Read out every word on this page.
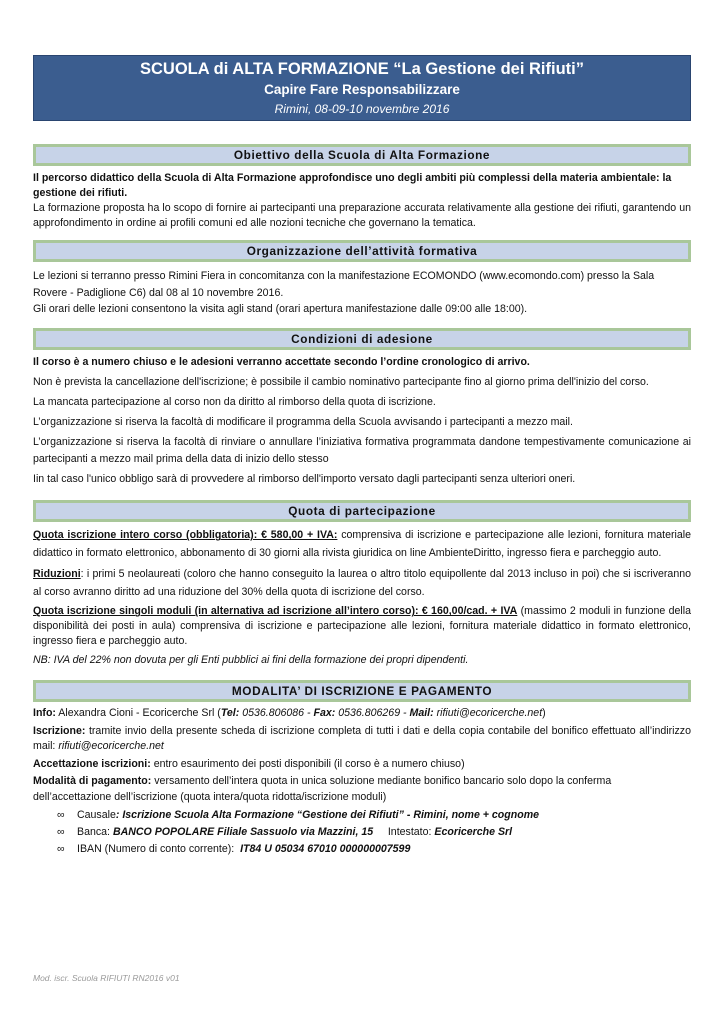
SCUOLA di ALTA FORMAZIONE “La Gestione dei Rifiuti”
Capire Fare Responsabilizzare
Rimini, 08-09-10 novembre 2016
Obiettivo della Scuola di Alta Formazione

Il percorso didattico della Scuola di Alta Formazione approfondisce uno degli ambiti più complessi della materia ambientale: la gestione dei rifiuti.

La formazione proposta ha lo scopo di fornire ai partecipanti una preparazione accurata relativamente alla gestione dei rifiuti, garantendo un approfondimento in ordine ai profili comuni ed alle nozioni tecniche che governano la tematica.

Organizzazione dell’attività formativa

Le lezioni si terranno presso Rimini Fiera in concomitanza con la manifestazione ECOMONDO (www.ecomondo.com) presso la Sala Rovere - Padiglione C6) dal 08 al 10 novembre 2016.

Gli orari delle lezioni consentono la visita agli stand (orari apertura manifestazione dalle 09:00 alle 18:00).

Condizioni di adesione

Il corso è a numero chiuso e le adesioni verranno accettate secondo l’ordine cronologico di arrivo.

Non è prevista la cancellazione dell'iscrizione; è possibile il cambio nominativo partecipante fino al giorno prima dell'inizio del corso.

La mancata partecipazione al corso non da diritto al rimborso della quota di iscrizione.

L’organizzazione si riserva la facoltà di modificare il programma della Scuola avvisando i partecipanti a mezzo mail.

L’organizzazione si riserva la facoltà di rinviare o annullare l’iniziativa formativa programmata dandone tempestivamente comunicazione ai partecipanti a mezzo mail prima della data di inizio dello stesso

Iin tal caso l'unico obbligo sarà di provvedere al rimborso dell'importo versato dagli partecipanti senza ulteriori oneri.

Quota di partecipazione

Quota iscrizione intero corso (obbligatoria): € 580,00 + IVA: comprensiva di iscrizione e partecipazione alle lezioni, fornitura materiale didattico in formato elettronico, abbonamento di 30 giorni alla rivista giuridica on line AmbienteDiritto, ingresso fiera e parcheggio auto.

Riduzioni: i primi 5 neolaureati (coloro che hanno conseguito la laurea o altro titolo equipollente dal 2013 incluso in poi) che si iscriveranno al corso avranno diritto ad una riduzione del 30% della quota di iscrizione del corso.

Quota iscrizione singoli moduli (in alternativa ad iscrizione all’intero corso): € 160,00/cad. + IVA (massimo 2 moduli in funzione della disponibilità dei posti in aula) comprensiva di iscrizione e partecipazione alle lezioni, fornitura materiale didattico in formato elettronico, ingresso fiera e parcheggio auto.

NB: IVA del 22% non dovuta per gli Enti pubblici ai fini della formazione dei propri dipendenti.

MODALITA’ DI ISCRIZIONE E PAGAMENTO

Info: Alexandra Cioni - Ecoricerche Srl (Tel: 0536.806086 - Fax: 0536.806269 - Mail: rifiuti@ecoricerche.net)

Iscrizione: tramite invio della presente scheda di iscrizione completa di tutti i dati e della copia contabile del bonifico effettuato all’indirizzo mail: rifiuti@ecoricerche.net

Accettazione iscrizioni: entro esaurimento dei posti disponibili (il corso è a numero chiuso)

Modalità di pagamento: versamento dell’intera quota in unica soluzione mediante bonifico bancario solo dopo la conferma dell’accettazione dell’iscrizione (quota intera/quota ridotta/iscrizione moduli)

∞ Causale: Iscrizione Scuola Alta Formazione “Gestione dei Rifiuti” - Rimini, nome + cognome
∞ Banca: BANCO POPOLARE Filiale Sassuolo via Mazzini, 15     Intestato: Ecoricerche Srl
∞ IBAN (Numero di conto corrente):  IT84 U 05034 67010 000000007599
Mod. iscr. Scuola RIFIUTI RN2016 v01
